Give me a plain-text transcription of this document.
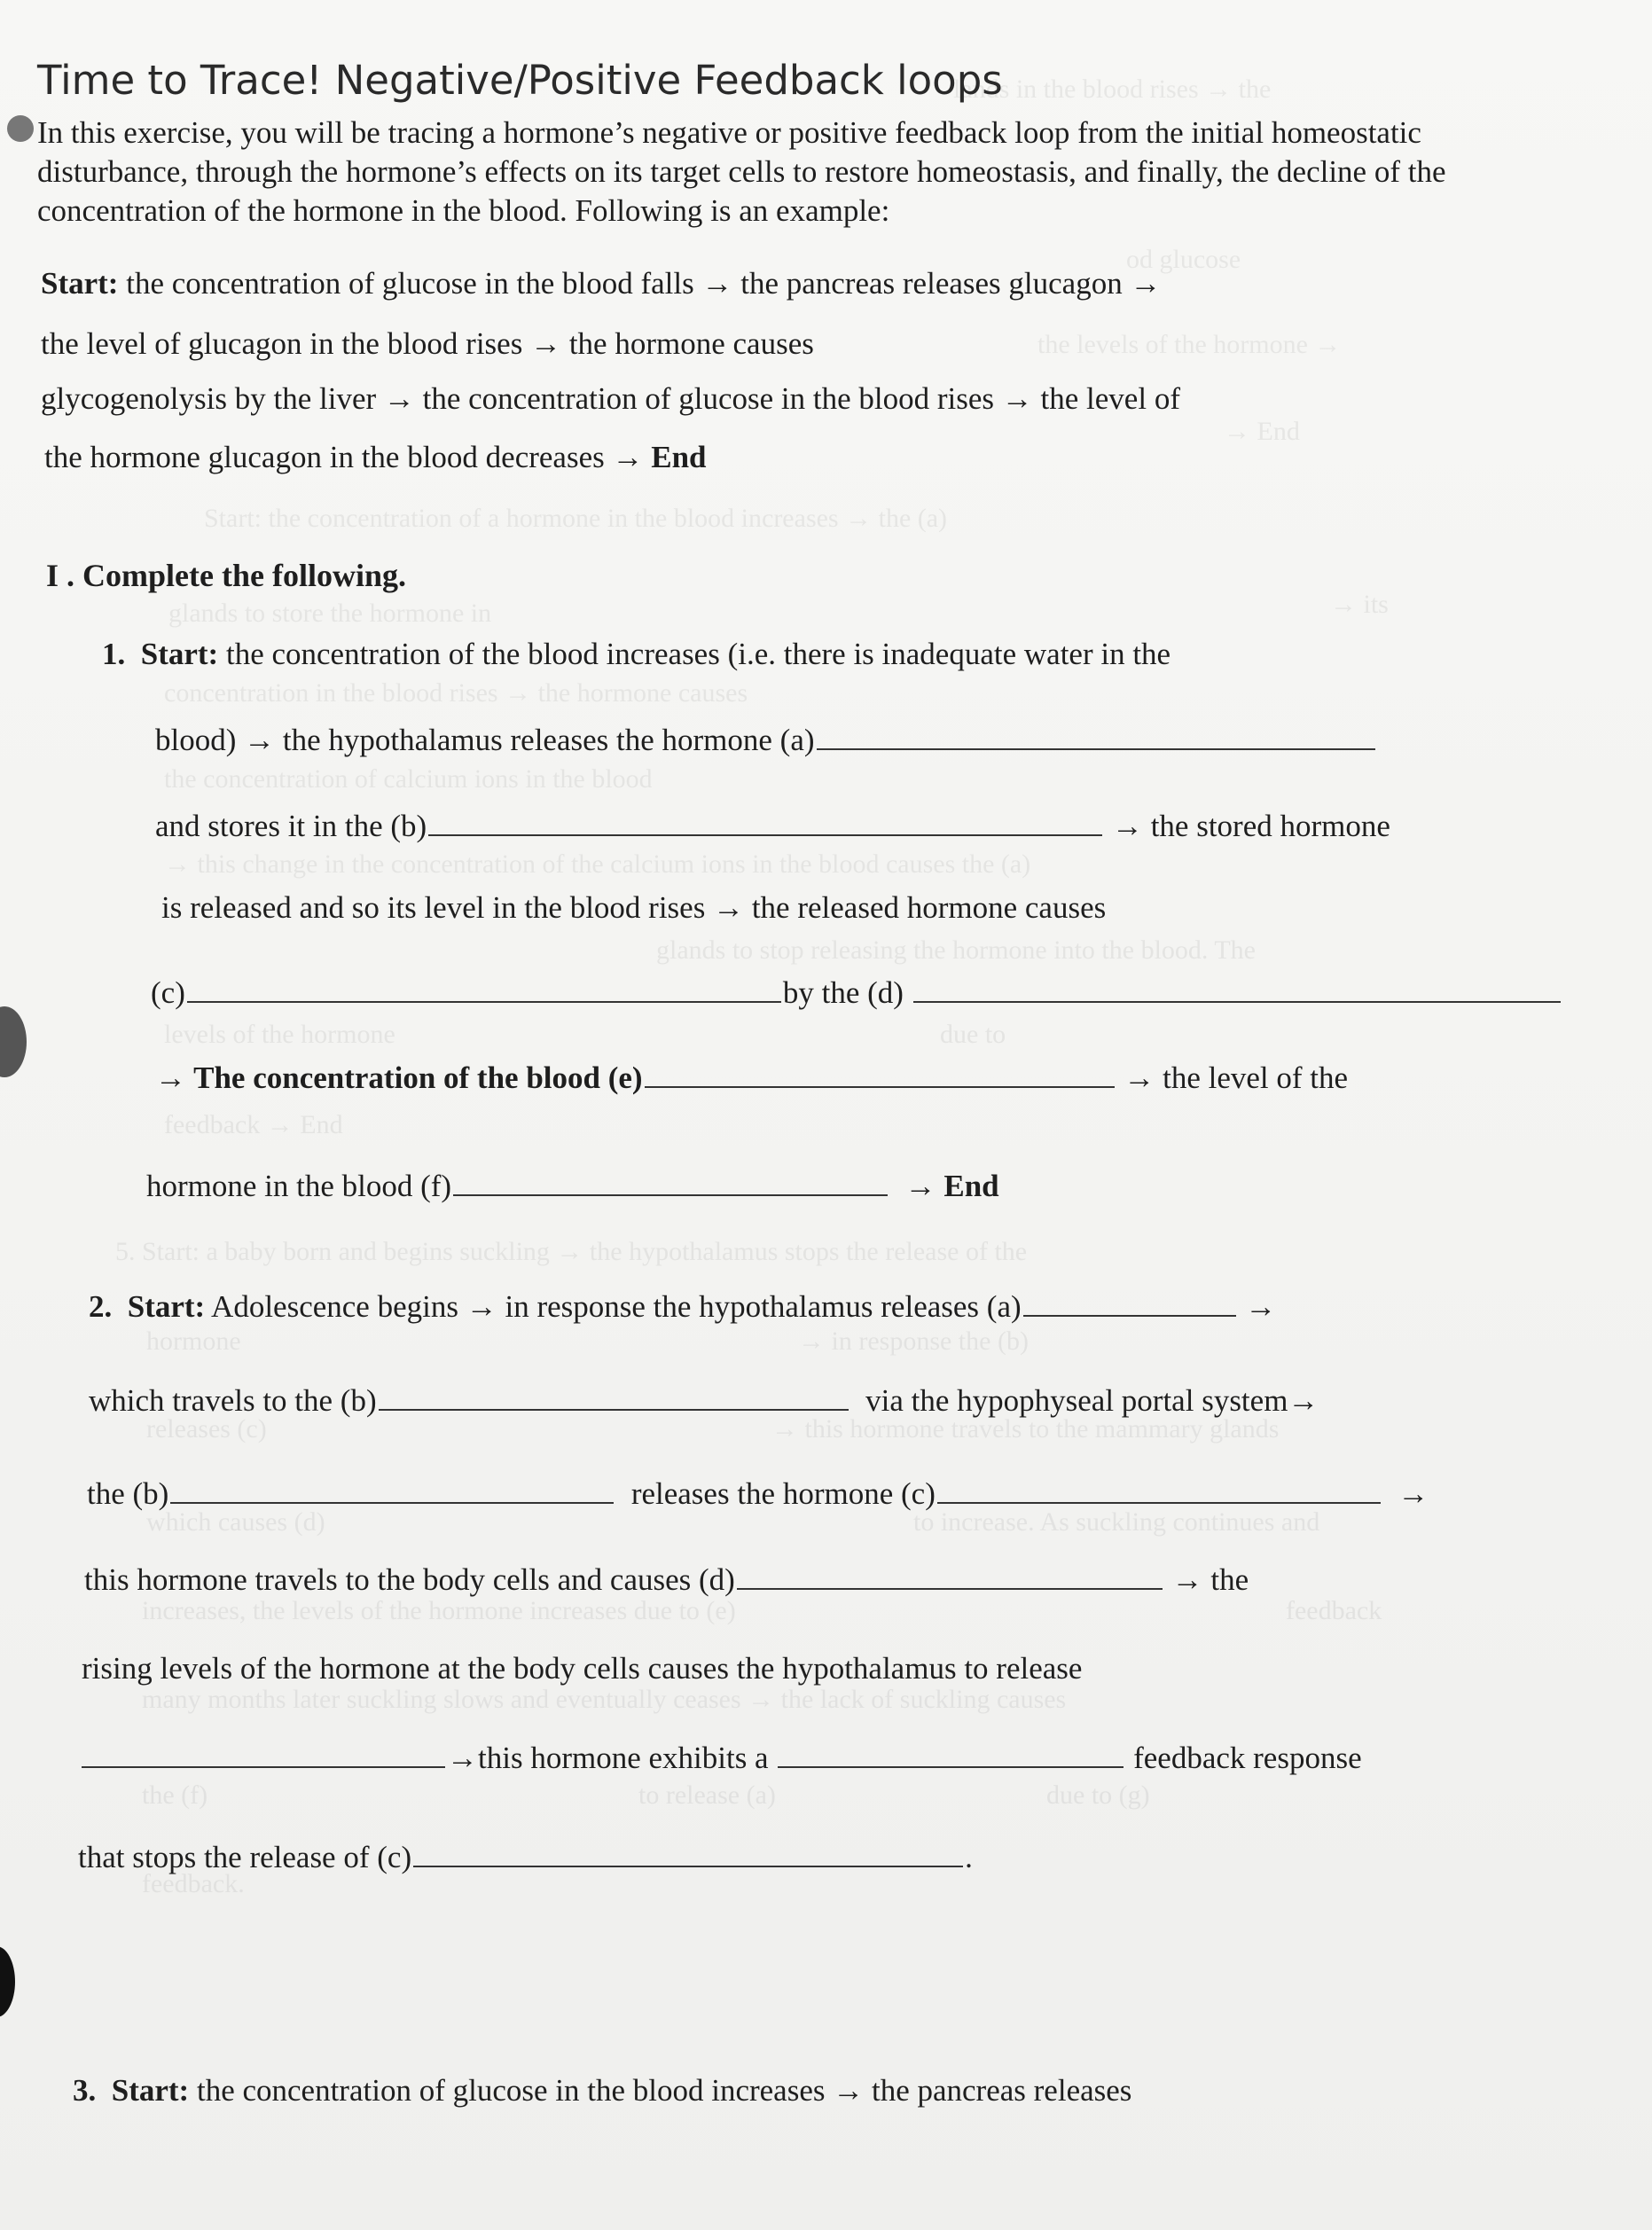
lands in the blood rises → the
od glucose
the levels of the hormone →
→ End
Start: the concentration of a hormone in the blood increases → the (a)
glands to store the hormone in	→ its
concentration in the blood rises → the hormone causes
the concentration of calcium ions in the blood
→ this change in the concentration of the calcium ions in the blood causes the (a)
glands to stop releasing the hormone into the blood. The
levels of the hormone	due to
feedback → End
5. Start: a baby born and begins suckling → the hypothalamus stops the release of the
hormone	→ in response the (b)
releases (c)	→ this hormone travels to the mammary glands
which causes (d)	to increase. As suckling continues and
increases, the levels of the hormone increases due to (e)	feedback
many months later suckling slows and eventually ceases → the lack of suckling causes
the (f)	to release (a)	due to (g)
feedback.
Time to Trace! Negative/Positive Feedback loops
In this exercise, you will be tracing a hormone’s negative or positive feedback loop from the initial homeostatic disturbance, through the hormone’s effects on its target cells to restore homeostasis, and finally, the decline of the concentration of the hormone in the blood. Following is an example:
Start: the concentration of glucose in the blood falls → the pancreas releases glucagon →
the level of glucagon in the blood rises → the hormone causes
glycogenolysis by the liver → the concentration of glucose in the blood rises → the level of
the hormone glucagon in the blood decreases → End
I . Complete the following.
1. Start: the concentration of the blood increases (i.e. there is inadequate water in the
blood) → the hypothalamus releases the hormone (a)
and stores it in the (b)	→ the stored hormone
is released and so its level in the blood rises → the released hormone causes
(c)	by the (d)
→ The concentration of the blood (e)	→ the level of the
hormone in the blood (f)	→ End
2. Start: Adolescence begins → in response the hypothalamus releases (a)	→
which travels to the (b)	via the hypophyseal portal system→
the (b)	releases the hormone (c)	→
this hormone travels to the body cells and causes (d)	→ the
rising levels of the hormone at the body cells causes the hypothalamus to release
→this hormone exhibits a	feedback response
that stops the release of (c)	.
3. Start: the concentration of glucose in the blood increases → the pancreas releases
